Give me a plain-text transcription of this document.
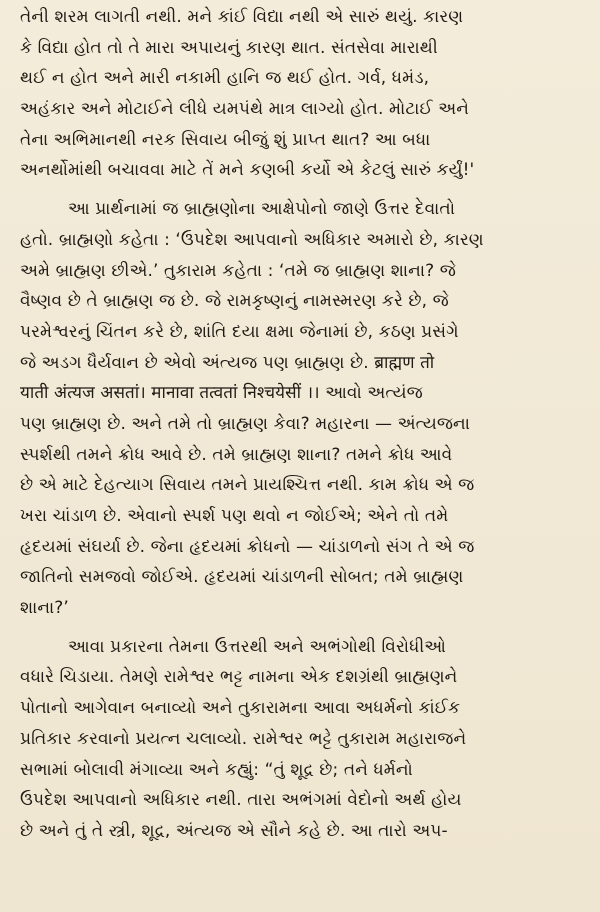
તેની શરમ લાગતી નથી. મને કાંઈ વિદ્યા નથી એ સારું થયું. કારણ
કે વિદ્યા હોત તો તે મારા અપાયનું કારણ થાત. સંતસેવા મારાથી
થઈ ન હોત અને મારી નકામી હાનિ જ થઈ હોત. ગર્વ, ધમંડ,
અહંકાર અને મોટાઈને લીધે યમપંથે માત્ર લાગ્યો હોત. મોટાઈ અને
તેના અભિમાનથી નરક સિવાય બીજું શું પ્રાપ્ત થાત? આ બધા
અનર્થોમાંથી બચાવવા માટે તેં મને કણબી કર્યો એ કેટલું સારું કર્યું!'
આ પ્રાર્થનામાં જ બ્રાહ્મણોના આક્ષેપોનો જાણે ઉત્તર દેવાતો
હતો. બ્રાહ્મણો કહેતા : ‘ઉપદેશ આપવાનો અધિકાર અમારો છે, કારણ
અમે બ્રાહ્મણ છીએ.’ તુકારામ કહેતા : ‘તમે જ બ્રાહ્મણ શાના? જે
વૈષ્ણવ છે તે બ્રાહ્મણ જ છે. જે રામકૃષ્ણનું નામસ્મરણ કરે છે, જે
પરમેશ્વરનું ચિંતન કરે છે, શાંતિ દયા ક્ષમા જેનામાં છે, કઠણ પ્રસંગે
જે અડગ ધૈર્યવાન છે એવો અંત્યજ પણ બ્રાહ્મણ છે. ब्राह्मण तो
याती अंत्यज असतां। मानावा तत्वतां निश्चयेसीं ।। આવો અત્યંજ
પણ બ્રાહ્મણ છે. અને તમે તો બ્રાહ્મણ કેવા? મહારના — અંત્યજના
સ્પર્શથી તમને ક્રોધ આવે છે. તમે બ્રાહ્મણ શાના? તમને ક્રોધ આવે
છે એ માટે દેહત્યાગ સિવાય તમને પ્રાયશ્ચિત્ત નથી. કામ ક્રોધ એ જ
ખરા ચાંડાળ છે. એવાનો સ્પર્શ પણ થવો ન જોઈએ; એને તો તમે
હૃદયમાં સંઘર્યા છે. જેના હૃદયમાં ક્રોધનો — ચાંડાળનો સંગ તે એ જ
જાતિનો સમજવો જોઈએ. હૃદયમાં ચાંડાળની સોબત; તમે બ્રાહ્મણ
શાના?’
આવા પ્રકારના તેમના ઉત્તરથી અને અભંગોથી વિરોધીઓ
વધારે ચિડાયા. તેમણે રામેશ્વર ભટ્ટ નામના એક દશગ્રંથી બ્રાહ્મણને
પોતાનો આગેવાન બનાવ્યો અને તુકારામના આવા અધર્મનો કાંઈક
પ્રતિકાર કરવાનો પ્રયત્ન ચલાવ્યો. રામેશ્વર ભટ્ટે તુકારામ મહારાજને
સભામાં બોલાવી મંગાવ્યા અને કહ્યું: “તું શૂદ્ર છે; તને ધર્મનો
ઉપદેશ આપવાનો અધિકાર નથી. તારા અભંગમાં વેદોનો અર્થ હોય
છે અને તું તે સ્ત્રી, શૂદ્ર, અંત્યજ એ સૌને કહે છે. આ તારો અપ-
